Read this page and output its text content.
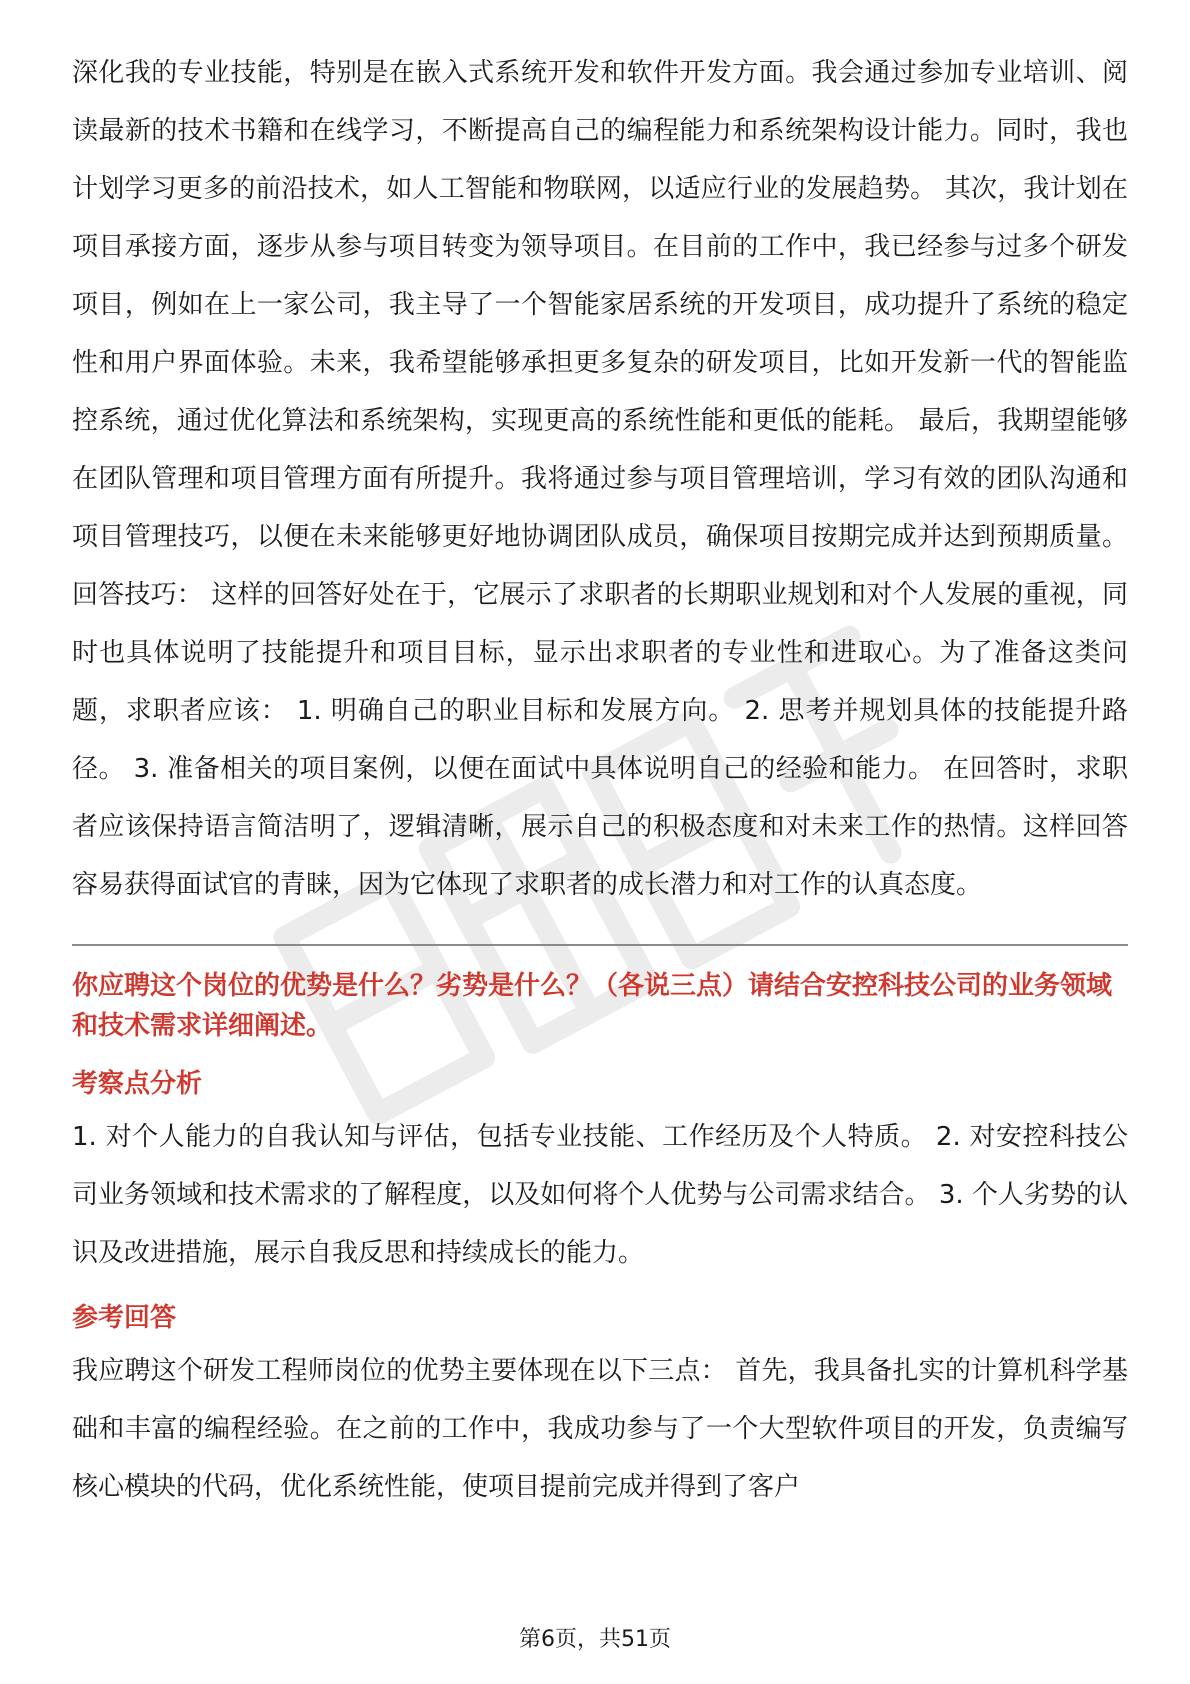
深化我的专业技能，特别是在嵌入式系统开发和软件开发方面。我会通过参加专业培训、阅读最新的技术书籍和在线学习，不断提高自己的编程能力和系统架构设计能力。同时，我也计划学习更多的前沿技术，如人工智能和物联网，以适应行业的发展趋势。 其次，我计划在项目承接方面，逐步从参与项目转变为领导项目。在目前的工作中，我已经参与过多个研发项目，例如在上一家公司，我主导了一个智能家居系统的开发项目，成功提升了系统的稳定性和用户界面体验。未来，我希望能够承担更多复杂的研发项目，比如开发新一代的智能监控系统，通过优化算法和系统架构，实现更高的系统性能和更低的能耗。 最后，我期望能够在团队管理和项目管理方面有所提升。我将通过参与项目管理培训，学习有效的团队沟通和项目管理技巧，以便在未来能够更好地协调团队成员，确保项目按期完成并达到预期质量。 回答技巧： 这样的回答好处在于，它展示了求职者的长期职业规划和对个人发展的重视，同时也具体说明了技能提升和项目目标，显示出求职者的专业性和进取心。为了准备这类问题，求职者应该： 1. 明确自己的职业目标和发展方向。 2. 思考并规划具体的技能提升路径。 3. 准备相关的项目案例，以便在面试中具体说明自己的经验和能力。 在回答时，求职者应该保持语言简洁明了，逻辑清晰，展示自己的积极态度和对未来工作的热情。这样回答容易获得面试官的青睐，因为它体现了求职者的成长潜力和对工作的认真态度。

你应聘这个岗位的优势是什么？劣势是什么？（各说三点）请结合安控科技公司的业务领域和技术需求详细阐述。

考察点分析

1. 对个人能力的自我认知与评估，包括专业技能、工作经历及个人特质。 2. 对安控科技公司业务领域和技术需求的了解程度，以及如何将个人优势与公司需求结合。 3. 个人劣势的认识及改进措施，展示自我反思和持续成长的能力。

参考回答

我应聘这个研发工程师岗位的优势主要体现在以下三点： 首先，我具备扎实的计算机科学基础和丰富的编程经验。在之前的工作中，我成功参与了一个大型软件项目的开发，负责编写核心模块的代码，优化系统性能，使项目提前完成并得到了客户

第6页，共51页
